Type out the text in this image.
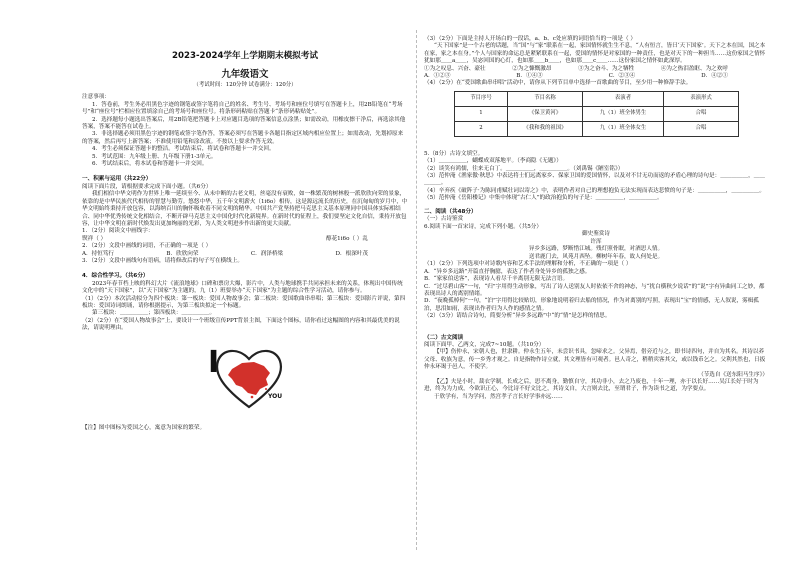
2023-2024学年上学期期末模拟考试
九年级语文
（考试时间：120分钟 试卷满分：120分）

注意事项：

1．答卷前，考生务必用黑色字迹的钢笔或签字笔将自己的姓名、考生号、考场号和座位号填写在答题卡上，用2B铅笔在“考场号”和“座位号”栏相应位置填涂自己的考场号和座位号。将条形码粘贴在答题卡“条形码粘贴处”。

2．选择题每小题选出答案后，用2B铅笔把答题卡上对应题目选项的答案信息点涂黑；如需改动，用橡皮擦干净后，再选涂其他答案，答案不能答在试卷上。

3．非选择题必须用黑色字迹的钢笔或签字笔作答，答案必须写在答题卡各题目指定区域内相应位置上；如需改动，先划掉原来的答案，然后再写上新答案；不准使用铅笔和涂改液。不按以上要求作答无效。

4．考生必须保证答题卡的整洁。考试结束后，将试卷和答题卡一并交回。

5．考试范围：九年级上册、九年级下册1-3单元。

6．考试结束后，将本试卷和答题卡一并交回。

一、积累与运用（共22分）

阅读下面片段，请根据要求完成下面小题。（共6分）

我们相信中华文明作为世界上唯一延续至今、从未中断的古老文明，丝毫没有衰败，如一株繁茂的树林般一派欣欣向荣的景象，依靠的是中华民族代代相传的智慧与勤劳。悠悠中华，五千年文明薪火（1i6o）相传，这是源远流长的历史，在沉甸甸的岁月中，中华文明始终秉持开放包容，以海纳百川的胸怀吸收着不同文明的精华。中国共产党坚持把马克思主义基本原理同中国具体实际相结合、同中华优秀传统文化相结合，不断开辟马克思主义中国化时代化新境界。在新时代的征程上，我们要坚定文化自信，秉持开放包容，让中华文明在新时代焕发出更加绚丽的光彩，为人类文明进步作出新的更大贡献。

1．（2分）阅读文中画线字：

锲祥（ ）	醇花1i6o（ ）乱

2．（2分）文段中画线的词语，不正确的一项是（ ）

A．持恒笃行	B．欣欣向荣	C．润泽桥梁	D．根深叶茂

3．（2分）文段中画线句有语病，请将修改后的句子写在横线上。

4．综合性学习。（共6分）

2023年春节档上映的科幻大片《流浪地球》口碑和票房大爆，影片中，人类与地球携手共同承担未来的关系，体现出中国传统文化中的“天下国家”，以“天下国家”为主题的，九（1）班要举办“天下国家”为主题的综合性学习活动，请你参与。

（1）（2分）本次活动拟分为四个板块：第一板块：爱国人物故事会；第二板块：爱国歌曲串串唱；第三板块：爱国影片评说，第四板块：爱国诗词朗诵，请你根据提示，为第三板块拟定一个标题。

第三板块：＿＿＿＿＿；第四板块：＿＿＿＿＿。

（2）（2分）在“爱国人物故事会”上，要设计一个班级宣传PPT背景主图，下面这个图标，请你看过这幅图的内容和其最优美的说法，请说明理由。

I
YOU

【注】图中图标为爱国之心，寓意为国家的繁荣。

（3）（2分）下面是主持人开场白的一段话，a、b、c处应填的词语恰当的一项是（ ）

“天下国家”是一个古老的话题，当“国”与“家”联系在一起，家国情怀就生生不息，“人有恒言，皆曰‘天下国家’。天下之本在国，国之本在家，家之本在身。”个人与国家的命运总是紧紧联系在一起，爱国的情怀是对家国的一种责任，也是对天下的一种担当……这份家国之情怀犹如那＿＿a＿＿，吴宓回国的心灯，也如那＿＿b＿＿，也如那＿＿c＿＿……这份家国之情怀如此深厚。

①为之叹息、兴奋、豪壮	②为之慷慨激昂	③为之奋斗、为之牺牲	④为之热泪盈眶、为之欢呼
A．①②③	B．①④③	C．②③④	D．④②①

（4）（2分）在“爱国歌曲串串唱”活动中，请你从下列节目单中选择一首歌曲的节目，至少用一种修辞手法。

节目序号	节目名称	表演者	表演形式
1	《保卫黄河》	九（1）班全体男生	合唱
2	《我和我的祖国》	九（1）班全体女生	合唱

5.（8分）古诗文填空。

（1）＿＿＿＿＿，蝴蝶成双落地平。（李商隐《无题》）

（2）谈笑有鸿儒，往来无白丁。＿＿＿＿＿，＿＿＿＿＿。（刘禹锡《陋室铭》）

（3）范仲淹《渔家傲·秋思》中表达将士们远离家乡、保家卫国的爱国情怀，以及对不甘无功而返的矛盾心理的诗句是：＿＿＿＿＿，＿＿＿＿＿。

（4）辛弃疾《破阵子·为陈同甫赋壮词以寄之》中，表明作者对自己的理想抱负无法实现而表达悲愤的句子是：＿＿＿＿＿，＿＿＿＿＿。

（5）范仲淹《岳阳楼记》中集中体现“古仁人”的政治抱负的句子是：＿＿＿＿＿，＿＿＿＿＿。

二、阅读（共48分）

（一）古诗鉴赏

6.阅读下面一首宋诗，完成下列小题。（共5分）

御史鉴赏诗

许浑

异乡多远路，梦断惜江城。残灯照骨眠，对酒思人情。

送君鹿门去，风苑月西坠。柳树年年春，故人何处是。

（1）（2分）下列选项中对诗歌内容和艺术手法的理解和分析，不正确的一项是（ ）

A．“异乡多远路”开篇直抒胸臆，表达了作者身处异乡的孤独之感。

B．“家家伯送客”，表现诗人看尽千辛离别无限无法言语。

C．“过尽碧山客”一句，“归”字用得生动形象，写出了诗人送别友人时依依不舍的神态，与“扰白横秋少说话”的“说”字有异曲同工之妙，都表现出诗人的离别情绪。

D．“夜晚孤棹何”一句，“泊”字用得比较贴切，形象地说明着归去船的情况，作为对离别的写照，表现出“宝”的情感，无人叙说，雾楫孤泊，思泪如雨，表现出作者归为人作的感情之情。

（2）（3分）请结合诗句，简要分析“异乡多远路”中“的“情”是怎样的情思。

（二）古文阅读

阅读下面甲、乙两文，完成7~10题。（共10分）

【甲】伤仲永，宋朝人也，世隶耕。仲永生五年，未尝识书具，忽啼求之。父异焉，借旁近与之，即书诗四句，并自为其名。其诗以养父母、收族为意，传一乡秀才观之。自是指物作诗立就，其文理皆有可观者。邑人奇之，稍稍宾客其父，或以钱币乞之。父利其然也，日扳仲永环谒于邑人，不使学。

（节选自《送东阳马生序》）

【乙】夫是小时，裁衣学制，长成之后，思不离身，勤慎自守，其功非小，去之乃废也，十年一理，亦于以长好……吴江长好于时为进，终为为力成，今欲识正心，今比诗不好文比之，其诗义自，大言则去比，至谓君子，作为读书之道，为学要点。

于欣学有，当为学问，然宫孝子言长好学事亦远……
